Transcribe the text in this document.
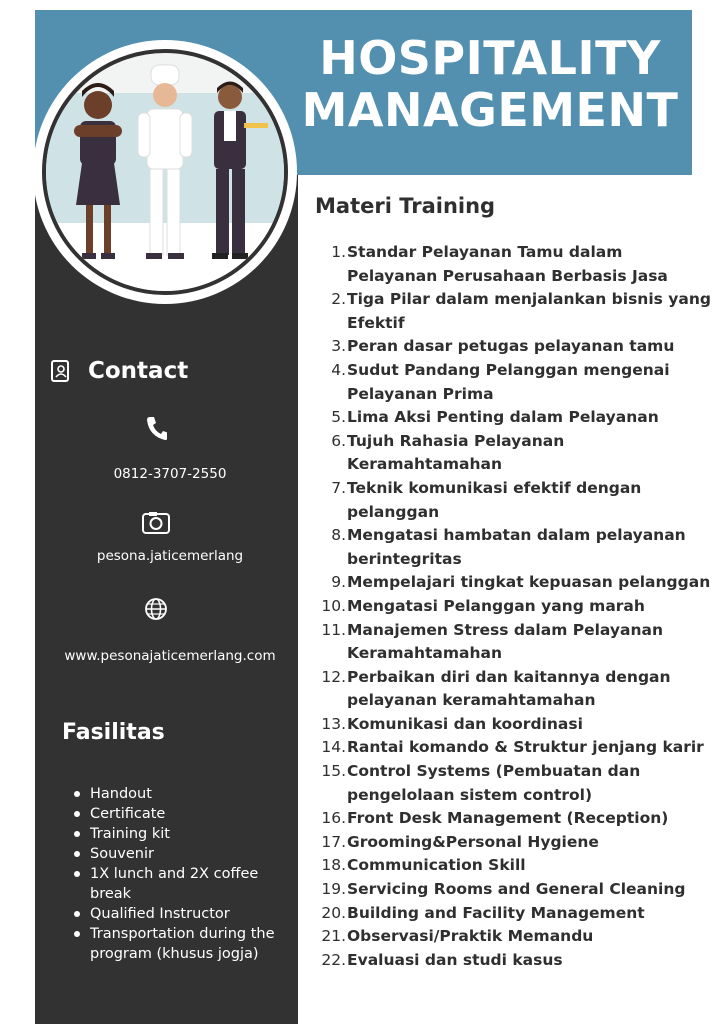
HOSPITALITY
MANAGEMENT
Contact
0812-3707-2550
pesona.jaticemerlang
www.pesonajaticemerlang.com
Fasilitas
Handout
Certificate
Training kit
Souvenir
1X lunch and 2X coffee break
Qualified Instructor
Transportation during the program (khusus jogja)
Materi Training
1. Standar Pelayanan Tamu dalam Pelayanan Perusahaan Berbasis Jasa
2. Tiga Pilar dalam menjalankan bisnis yang Efektif
3. Peran dasar petugas pelayanan tamu
4. Sudut Pandang Pelanggan mengenai Pelayanan Prima
5. Lima Aksi Penting dalam Pelayanan
6. Tujuh Rahasia Pelayanan Keramahtamahan
7. Teknik komunikasi efektif dengan pelanggan
8. Mengatasi hambatan dalam pelayanan berintegritas
9. Mempelajari tingkat kepuasan pelanggan
10. Mengatasi Pelanggan yang marah
11. Manajemen Stress dalam Pelayanan Keramahtamahan
12. Perbaikan diri dan kaitannya dengan pelayanan keramahtamahan
13. Komunikasi dan koordinasi
14. Rantai komando & Struktur jenjang karir
15. Control Systems (Pembuatan dan pengelolaan sistem control)
16. Front Desk Management (Reception)
17. Grooming&Personal Hygiene
18. Communication Skill
19. Servicing Rooms and General Cleaning
20. Building and Facility Management
21. Observasi/Praktik Memandu
22. Evaluasi dan studi kasus
